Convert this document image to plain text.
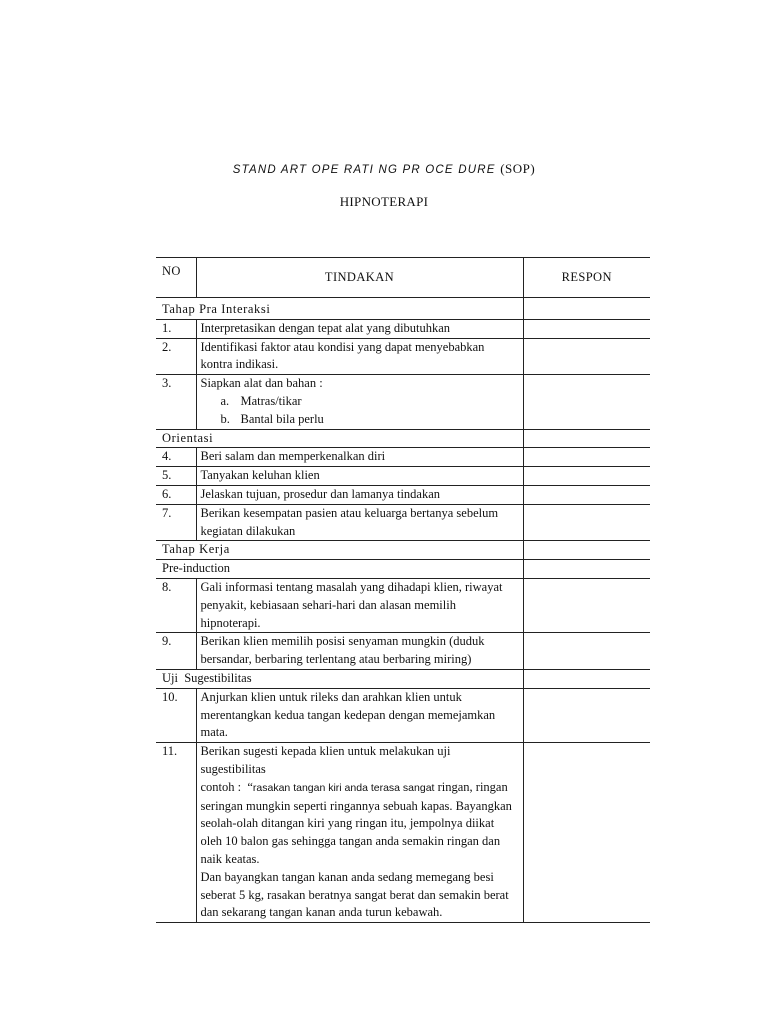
STAND ART OPE RATI NG PR OCE DURE (SOP)
HIPNOTERAPI
NO	TINDAKAN	RESPON
Tahap Pra Interaksi		
1.	Interpretasikan dengan tepat alat yang dibutuhkan	
2.	Identifikasi faktor atau kondisi yang dapat menyebabkan kontra indikasi.	
3.	Siapkan alat dan bahan :
a. Matras/tikar
b. Bantal bila perlu	

Orientasi		
4.	Beri salam dan memperkenalkan diri	
5.	Tanyakan keluhan klien	
6.	Jelaskan tujuan, prosedur dan lamanya tindakan	
7.	Berikan kesempatan pasien atau keluarga bertanya sebelum kegiatan dilakukan	
Tahap Kerja		
Pre-induction		
8.	Gali informasi tentang masalah yang dihadapi klien, riwayat penyakit, kebiasaan sehari-hari dan alasan memilih hipnoterapi.	
9.	Berikan klien memilih posisi senyaman mungkin (duduk bersandar, berbaring terlentang atau berbaring miring)	
Uji  Sugestibilitas		
10.	Anjurkan klien untuk rileks dan arahkan klien untuk merentangkan kedua tangan kedepan dengan memejamkan mata.	
11.	Berikan sugesti kepada klien untuk melakukan uji sugestibilitas
contoh :  “rasakan tangan kiri anda terasa sangat ringan, ringan seringan mungkin seperti ringannya sebuah kapas. Bayangkan seolah-olah ditangan kiri yang ringan itu, jempolnya diikat oleh 10 balon gas sehingga tangan anda semakin ringan dan naik keatas.
Dan bayangkan tangan kanan anda sedang memegang besi seberat 5 kg, rasakan beratnya sangat berat dan semakin berat dan sekarang tangan kanan anda turun kebawah.	
